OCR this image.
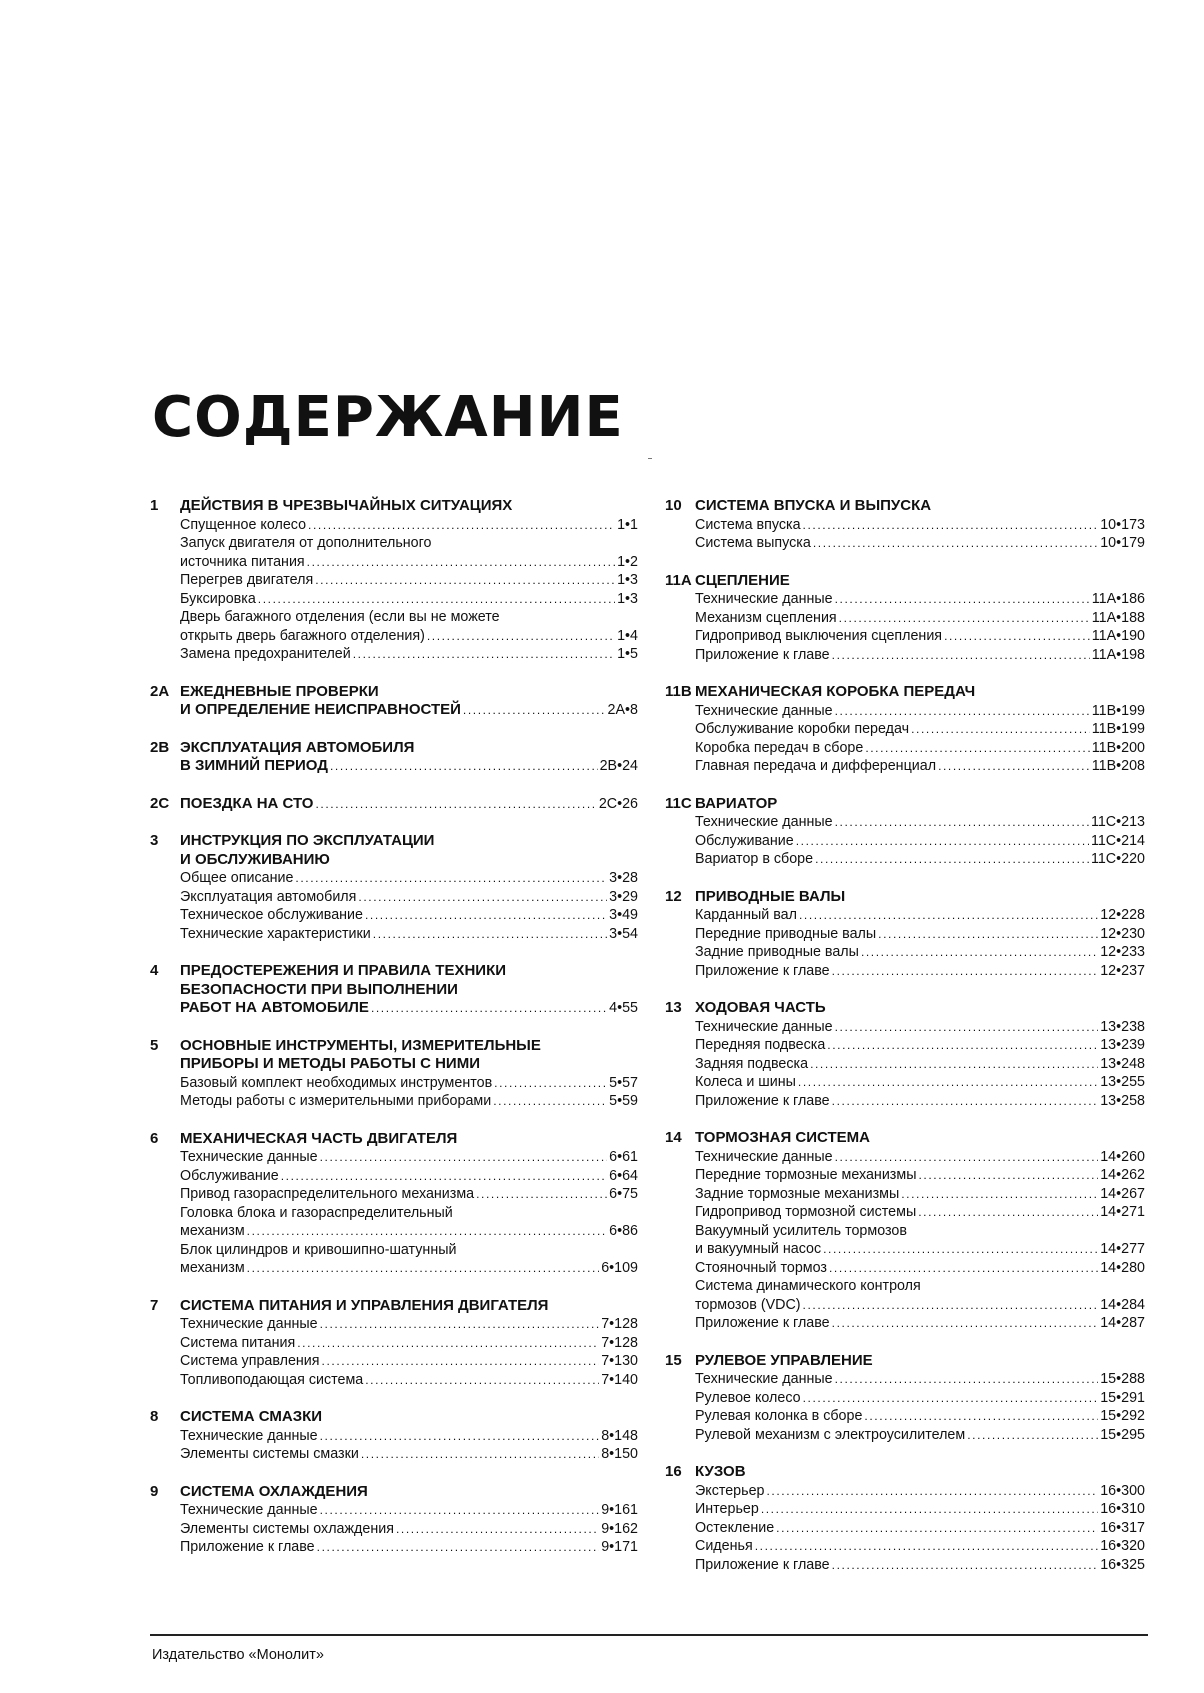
СОДЕРЖАНИЕ
1 ДЕЙСТВИЯ В ЧРЕЗВЫЧАЙНЫХ СИТУАЦИЯХ
Спущенное колесо .....	1•1
Запуск двигателя от дополнительного
источника питания .....	1•2
Перегрев двигателя .....	1•3
Буксировка .....	1•3
Дверь багажного отделения (если вы не можете
открыть дверь багажного отделения) .....	1•4
Замена предохранителей .....	1•5
2A ЕЖЕДНЕВНЫЕ ПРОВЕРКИ
И ОПРЕДЕЛЕНИЕ НЕИСПРАВНОСТЕЙ .....	2A•8
2B ЭКСПЛУАТАЦИЯ АВТОМОБИЛЯ
В ЗИМНИЙ ПЕРИОД .....	2B•24
2C ПОЕЗДКА НА СТО .....	2C•26
3 ИНСТРУКЦИЯ ПО ЭКСПЛУАТАЦИИ
И ОБСЛУЖИВАНИЮ
Общее описание .....	3•28
Эксплуатация автомобиля .....	3•29
Техническое обслуживание .....	3•49
Технические характеристики .....	3•54
4 ПРЕДОСТЕРЕЖЕНИЯ И ПРАВИЛА ТЕХНИКИ
БЕЗОПАСНОСТИ ПРИ ВЫПОЛНЕНИИ
РАБОТ НА АВТОМОБИЛЕ .....	4•55
5 ОСНОВНЫЕ ИНСТРУМЕНТЫ, ИЗМЕРИТЕЛЬНЫЕ
ПРИБОРЫ И МЕТОДЫ РАБОТЫ С НИМИ
Базовый комплект необходимых инструментов .....	5•57
Методы работы с измерительными приборами .....	5•59
6 МЕХАНИЧЕСКАЯ ЧАСТЬ ДВИГАТЕЛЯ
Технические данные .....	6•61
Обслуживание .....	6•64
Привод газораспределительного механизма .....	6•75
Головка блока и газораспределительный
механизм .....	6•86
Блок цилиндров и кривошипно-шатунный
механизм .....	6•109
7 СИСТЕМА ПИТАНИЯ И УПРАВЛЕНИЯ ДВИГАТЕЛЯ
Технические данные .....	7•128
Система питания .....	7•128
Система управления .....	7•130
Топливоподающая система .....	7•140
8 СИСТЕМА СМАЗКИ
Технические данные .....	8•148
Элементы системы смазки .....	8•150
9 СИСТЕМА ОХЛАЖДЕНИЯ
Технические данные .....	9•161
Элементы системы охлаждения .....	9•162
Приложение к главе .....	9•171
10 СИСТЕМА ВПУСКА И ВЫПУСКА
Система впуска .....	10•173
Система выпуска .....	10•179
11A СЦЕПЛЕНИЕ
Технические данные .....	11A•186
Механизм сцепления .....	11A•188
Гидропривод выключения сцепления .....	11A•190
Приложение к главе .....	11A•198
11B МЕХАНИЧЕСКАЯ КОРОБКА ПЕРЕДАЧ
Технические данные .....	11B•199
Обслуживание коробки передач .....	11B•199
Коробка передач в сборе .....	11B•200
Главная передача и дифференциал .....	11B•208
11C ВАРИАТОР
Технические данные .....	11C•213
Обслуживание .....	11C•214
Вариатор в сборе .....	11C•220
12 ПРИВОДНЫЕ ВАЛЫ
Карданный вал .....	12•228
Передние приводные валы .....	12•230
Задние приводные валы .....	12•233
Приложение к главе .....	12•237
13 ХОДОВАЯ ЧАСТЬ
Технические данные .....	13•238
Передняя подвеска .....	13•239
Задняя подвеска .....	13•248
Колеса и шины .....	13•255
Приложение к главе .....	13•258
14 ТОРМОЗНАЯ СИСТЕМА
Технические данные .....	14•260
Передние тормозные механизмы .....	14•262
Задние тормозные механизмы .....	14•267
Гидропривод тормозной системы .....	14•271
Вакуумный усилитель тормозов
и вакуумный насос .....	14•277
Стояночный тормоз .....	14•280
Система динамического контроля
тормозов (VDC) .....	14•284
Приложение к главе .....	14•287
15 РУЛЕВОЕ УПРАВЛЕНИЕ
Технические данные .....	15•288
Рулевое колесо .....	15•291
Рулевая колонка в сборе .....	15•292
Рулевой механизм с электроусилителем .....	15•295
16 КУЗОВ
Экстерьер .....	16•300
Интерьер .....	16•310
Остекление .....	16•317
Сиденья .....	16•320
Приложение к главе .....	16•325
Издательство «Монолит»
